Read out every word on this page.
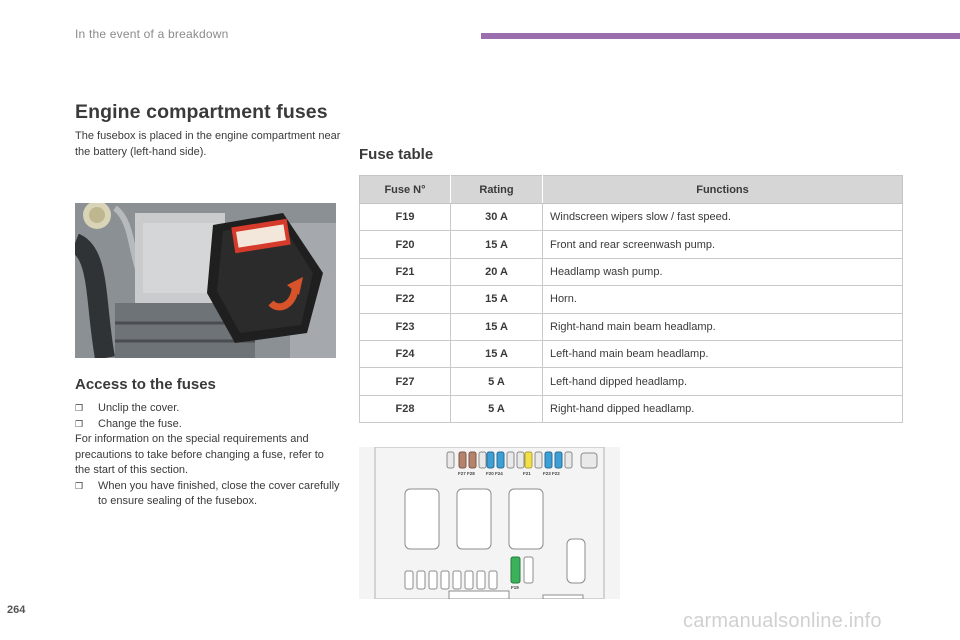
In the event of a breakdown
Engine compartment fuses

The fusebox is placed in the engine compartment near the battery (left-hand side).

Access to the fuses
❒ Unclip the cover.
❒ Change the fuse.
For information on the special requirements and precautions to take before changing a fuse, refer to the start of this section.
❒ When you have finished, close the cover carefully to ensure sealing of the fusebox.
Fuse table
Fuse N°	Rating	Functions
F19	30 A	Windscreen wipers slow / fast speed.
F20	15 A	Front and rear screenwash pump.
F21	20 A	Headlamp wash pump.
F22	15 A	Horn.
F23	15 A	Right-hand main beam headlamp.
F24	15 A	Left-hand main beam headlamp.
F27	5 A	Left-hand dipped headlamp.
F28	5 A	Right-hand dipped headlamp.
F27 F28 F20 F24	F21	F23 F22
F19
264	carmanualsonline.info
